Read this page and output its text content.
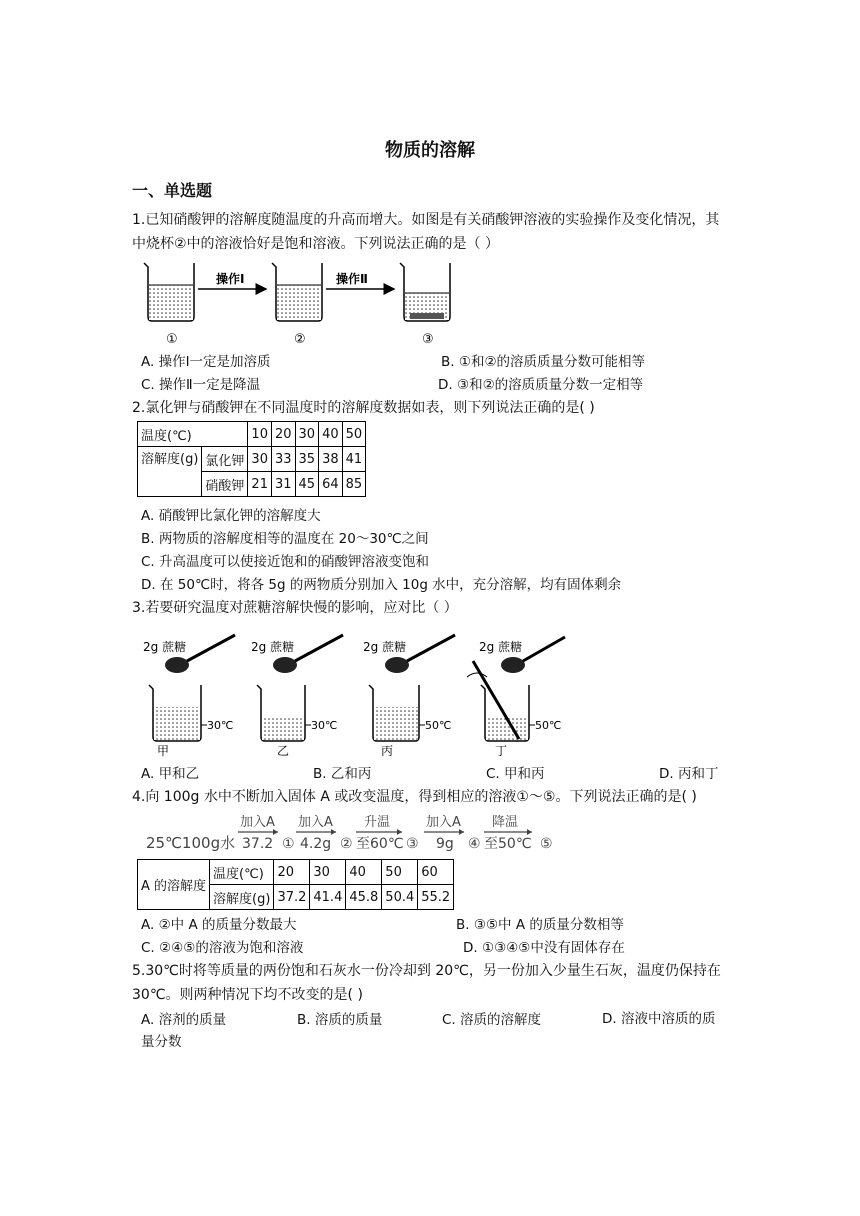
物质的溶解
一、单选题
1.已知硝酸钾的溶解度随温度的升高而增大。如图是有关硝酸钾溶液的实验操作及变化情况，其中烧杯②中的溶液恰好是饱和溶液。下列说法正确的是（ ）
操作Ⅰ	操作Ⅱ
①	②	③
A. 操作Ⅰ一定是加溶质	B. ①和②的溶质质量分数可能相等
C. 操作Ⅱ一定是降温	D. ③和②的溶质质量分数一定相等
2.氯化钾与硝酸钾在不同温度时的溶解度数据如表，则下列说法正确的是( )
温度(℃)		10	20	30	40	50
溶解度(g)	氯化钾	30	33	35	38	41
	硝酸钾	21	31	45	64	85
A. 硝酸钾比氯化钾的溶解度大
B. 两物质的溶解度相等的温度在 20～30℃之间
C. 升高温度可以使接近饱和的硝酸钾溶液变饱和
D. 在 50℃时，将各 5g 的两物质分别加入 10g 水中，充分溶解，均有固体剩余
3.若要研究温度对蔗糖溶解快慢的影响，应对比（ ）
2g 蔗糖
30℃
甲
2g 蔗糖
30℃
乙
2g 蔗糖
50℃
丙
2g 蔗糖
50℃
丁
A. 甲和乙	B. 乙和丙	C. 甲和丙	D. 丙和丁
4.向 100g 水中不断加入固体 A 或改变温度，得到相应的溶液①～⑤。下列说法正确的是( )
25℃100g水
加入A
37.2 ①
加入A
4.2g ②
升温
至60℃ ③
加入A
9g ④
降温
至50℃ ⑤
A 的溶解度	温度(℃)	20	30	40	50	60
	溶解度(g)	37.2	41.4	45.8	50.4	55.2
A. ②中 A 的质量分数最大	B. ③⑤中 A 的质量分数相等
C. ②④⑤的溶液为饱和溶液	D. ①③④⑤中没有固体存在
5.30℃时将等质量的两份饱和石灰水一份冷却到 20℃，另一份加入少量生石灰，温度仍保持在 30℃。则两种情况下均不改变的是( )
A. 溶剂的质量	B. 溶质的质量	C. 溶质的溶解度	D. 溶液中溶质的质量分数
